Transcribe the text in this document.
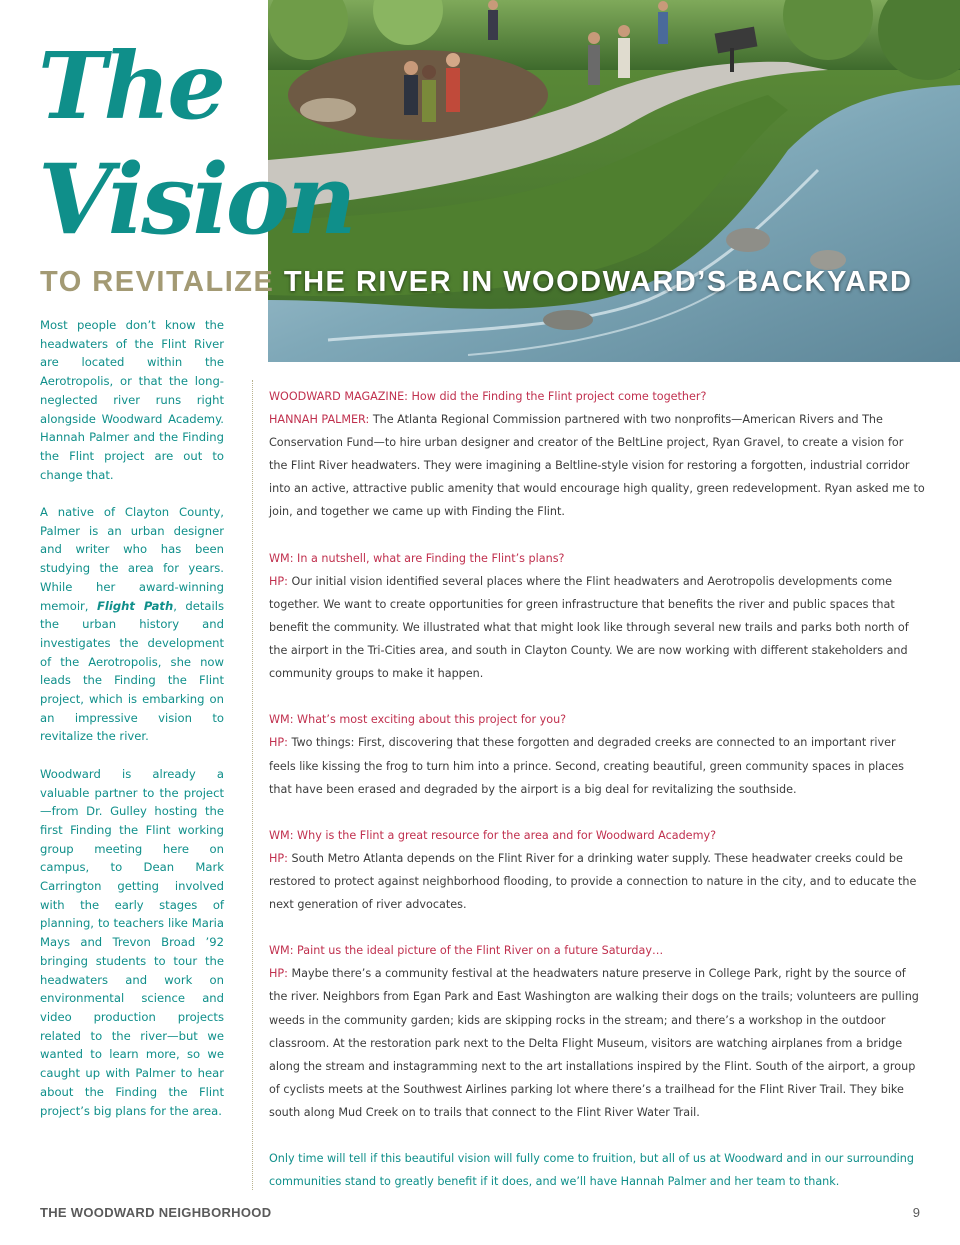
The
Vision
TO REVITALIZE THE RIVER IN WOODWARD’S BACKYARD

Most people don’t know the headwaters of the Flint River are located within the Aerotropolis, or that the long-neglected river runs right alongside Woodward Academy. Hannah Palmer and the Finding the Flint project are out to change that.

A native of Clayton County, Palmer is an urban designer and writer who has been studying the area for years. While her award-winning memoir, Flight Path, details the urban history and investigates the development of the Aerotropolis, she now leads the Finding the Flint project, which is embarking on an impressive vision to revitalize the river.

Woodward is already a valuable partner to the project—from Dr. Gulley hosting the first Finding the Flint working group meeting here on campus, to Dean Mark Carrington getting involved with the early stages of planning, to teachers like Maria Mays and Trevon Broad ’92 bringing students to tour the headwaters and work on environmental science and video production projects related to the river—but we wanted to learn more, so we caught up with Palmer to hear about the Finding the Flint project’s big plans for the area.

WOODWARD MAGAZINE: How did the Finding the Flint project come together?

HANNAH PALMER: The Atlanta Regional Commission partnered with two nonprofits—American Rivers and The Conservation Fund—to hire urban designer and creator of the BeltLine project, Ryan Gravel, to create a vision for the Flint River headwaters. They were imagining a Beltline-style vision for restoring a forgotten, industrial corridor into an active, attractive public amenity that would encourage high quality, green redevelopment. Ryan asked me to join, and together we came up with Finding the Flint.

WM: In a nutshell, what are Finding the Flint’s plans?

HP: Our initial vision identified several places where the Flint headwaters and Aerotropolis developments come together. We want to create opportunities for green infrastructure that benefits the river and public spaces that benefit the community. We illustrated what that might look like through several new trails and parks both north of the airport in the Tri-Cities area, and south in Clayton County. We are now working with different stakeholders and community groups to make it happen.

WM: What’s most exciting about this project for you?

HP: Two things: First, discovering that these forgotten and degraded creeks are connected to an important river feels like kissing the frog to turn him into a prince. Second, creating beautiful, green community spaces in places that have been erased and degraded by the airport is a big deal for revitalizing the southside.

WM: Why is the Flint a great resource for the area and for Woodward Academy?

HP: South Metro Atlanta depends on the Flint River for a drinking water supply. These headwater creeks could be restored to protect against neighborhood flooding, to provide a connection to nature in the city, and to educate the next generation of river advocates.

WM: Paint us the ideal picture of the Flint River on a future Saturday…

HP: Maybe there’s a community festival at the headwaters nature preserve in College Park, right by the source of the river. Neighbors from Egan Park and East Washington are walking their dogs on the trails; volunteers are pulling weeds in the community garden; kids are skipping rocks in the stream; and there’s a workshop in the outdoor classroom. At the restoration park next to the Delta Flight Museum, visitors are watching airplanes from a bridge along the stream and instagramming next to the art installations inspired by the Flint. South of the airport, a group of cyclists meets at the Southwest Airlines parking lot where there’s a trailhead for the Flint River Trail. They bike south along Mud Creek on to trails that connect to the Flint River Water Trail.

Only time will tell if this beautiful vision will fully come to fruition, but all of us at Woodward and in our surrounding communities stand to greatly benefit if it does, and we’ll have Hannah Palmer and her team to thank.

THE WOODWARD NEIGHBORHOOD	9
